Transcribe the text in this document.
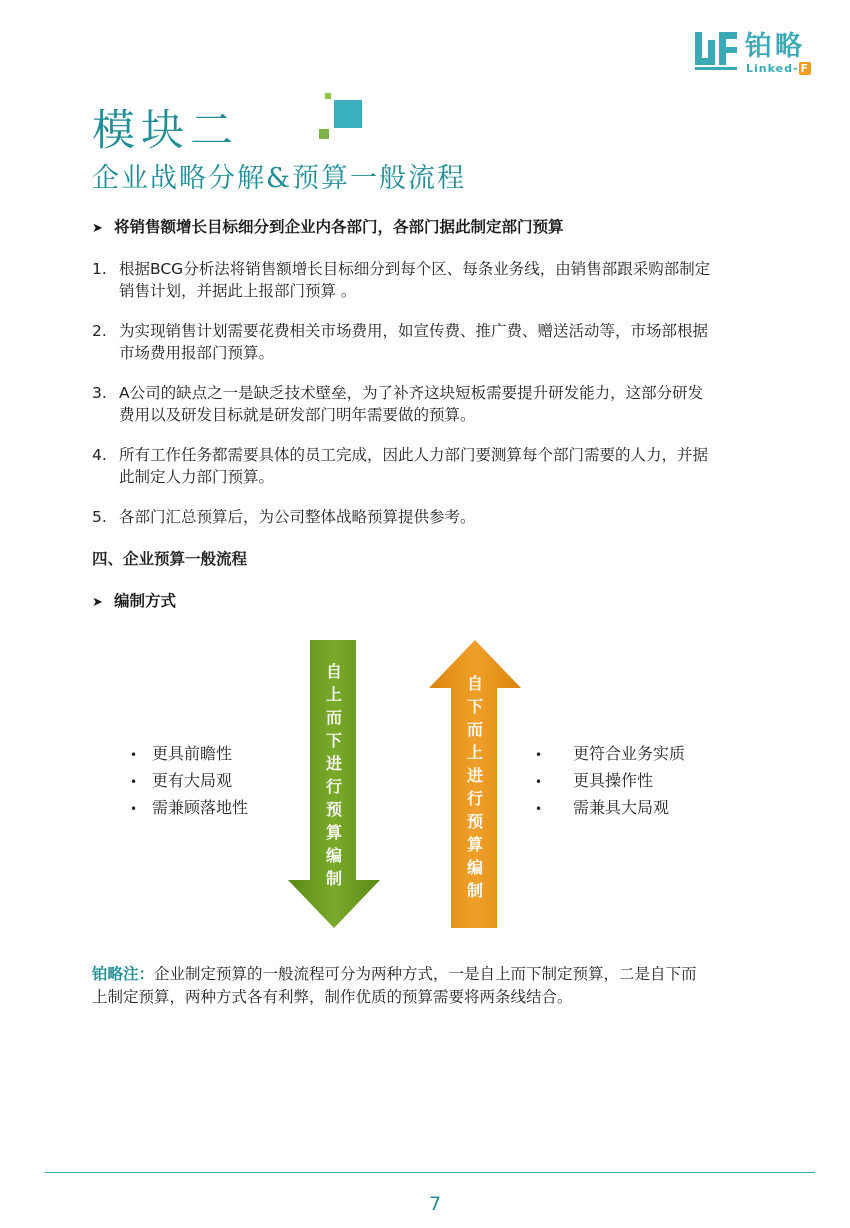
铂略
Linked- F
模块二
企业战略分解&预算一般流程
➤ 将销售额增长目标细分到企业内各部门，各部门据此制定部门预算
1. 根据BCG分析法将销售额增长目标细分到每个区、每条业务线，由销售部跟采购部制定
销售计划，并据此上报部门预算 。
2. 为实现销售计划需要花费相关市场费用，如宣传费、推广费、赠送活动等，市场部根据
市场费用报部门预算。
3. A公司的缺点之一是缺乏技术壁垒，为了补齐这块短板需要提升研发能力，这部分研发
费用以及研发目标就是研发部门明年需要做的预算。
4. 所有工作任务都需要具体的员工完成，因此人力部门要测算每个部门需要的人力，并据
此制定人力部门预算。
5. 各部门汇总预算后，为公司整体战略预算提供参考。
四、企业预算一般流程
➤ 编制方式
• 更具前瞻性
• 更有大局观
• 需兼顾落地性
自
上
而
下
进
行
预
算
编
制
自
下
而
上
进
行
预
算
编
制
• 更符合业务实质
• 更具操作性
• 需兼具大局观
铂略注：企业制定预算的一般流程可分为两种方式，一是自上而下制定预算，二是自下而
上制定预算，两种方式各有利弊，制作优质的预算需要将两条线结合。
7
